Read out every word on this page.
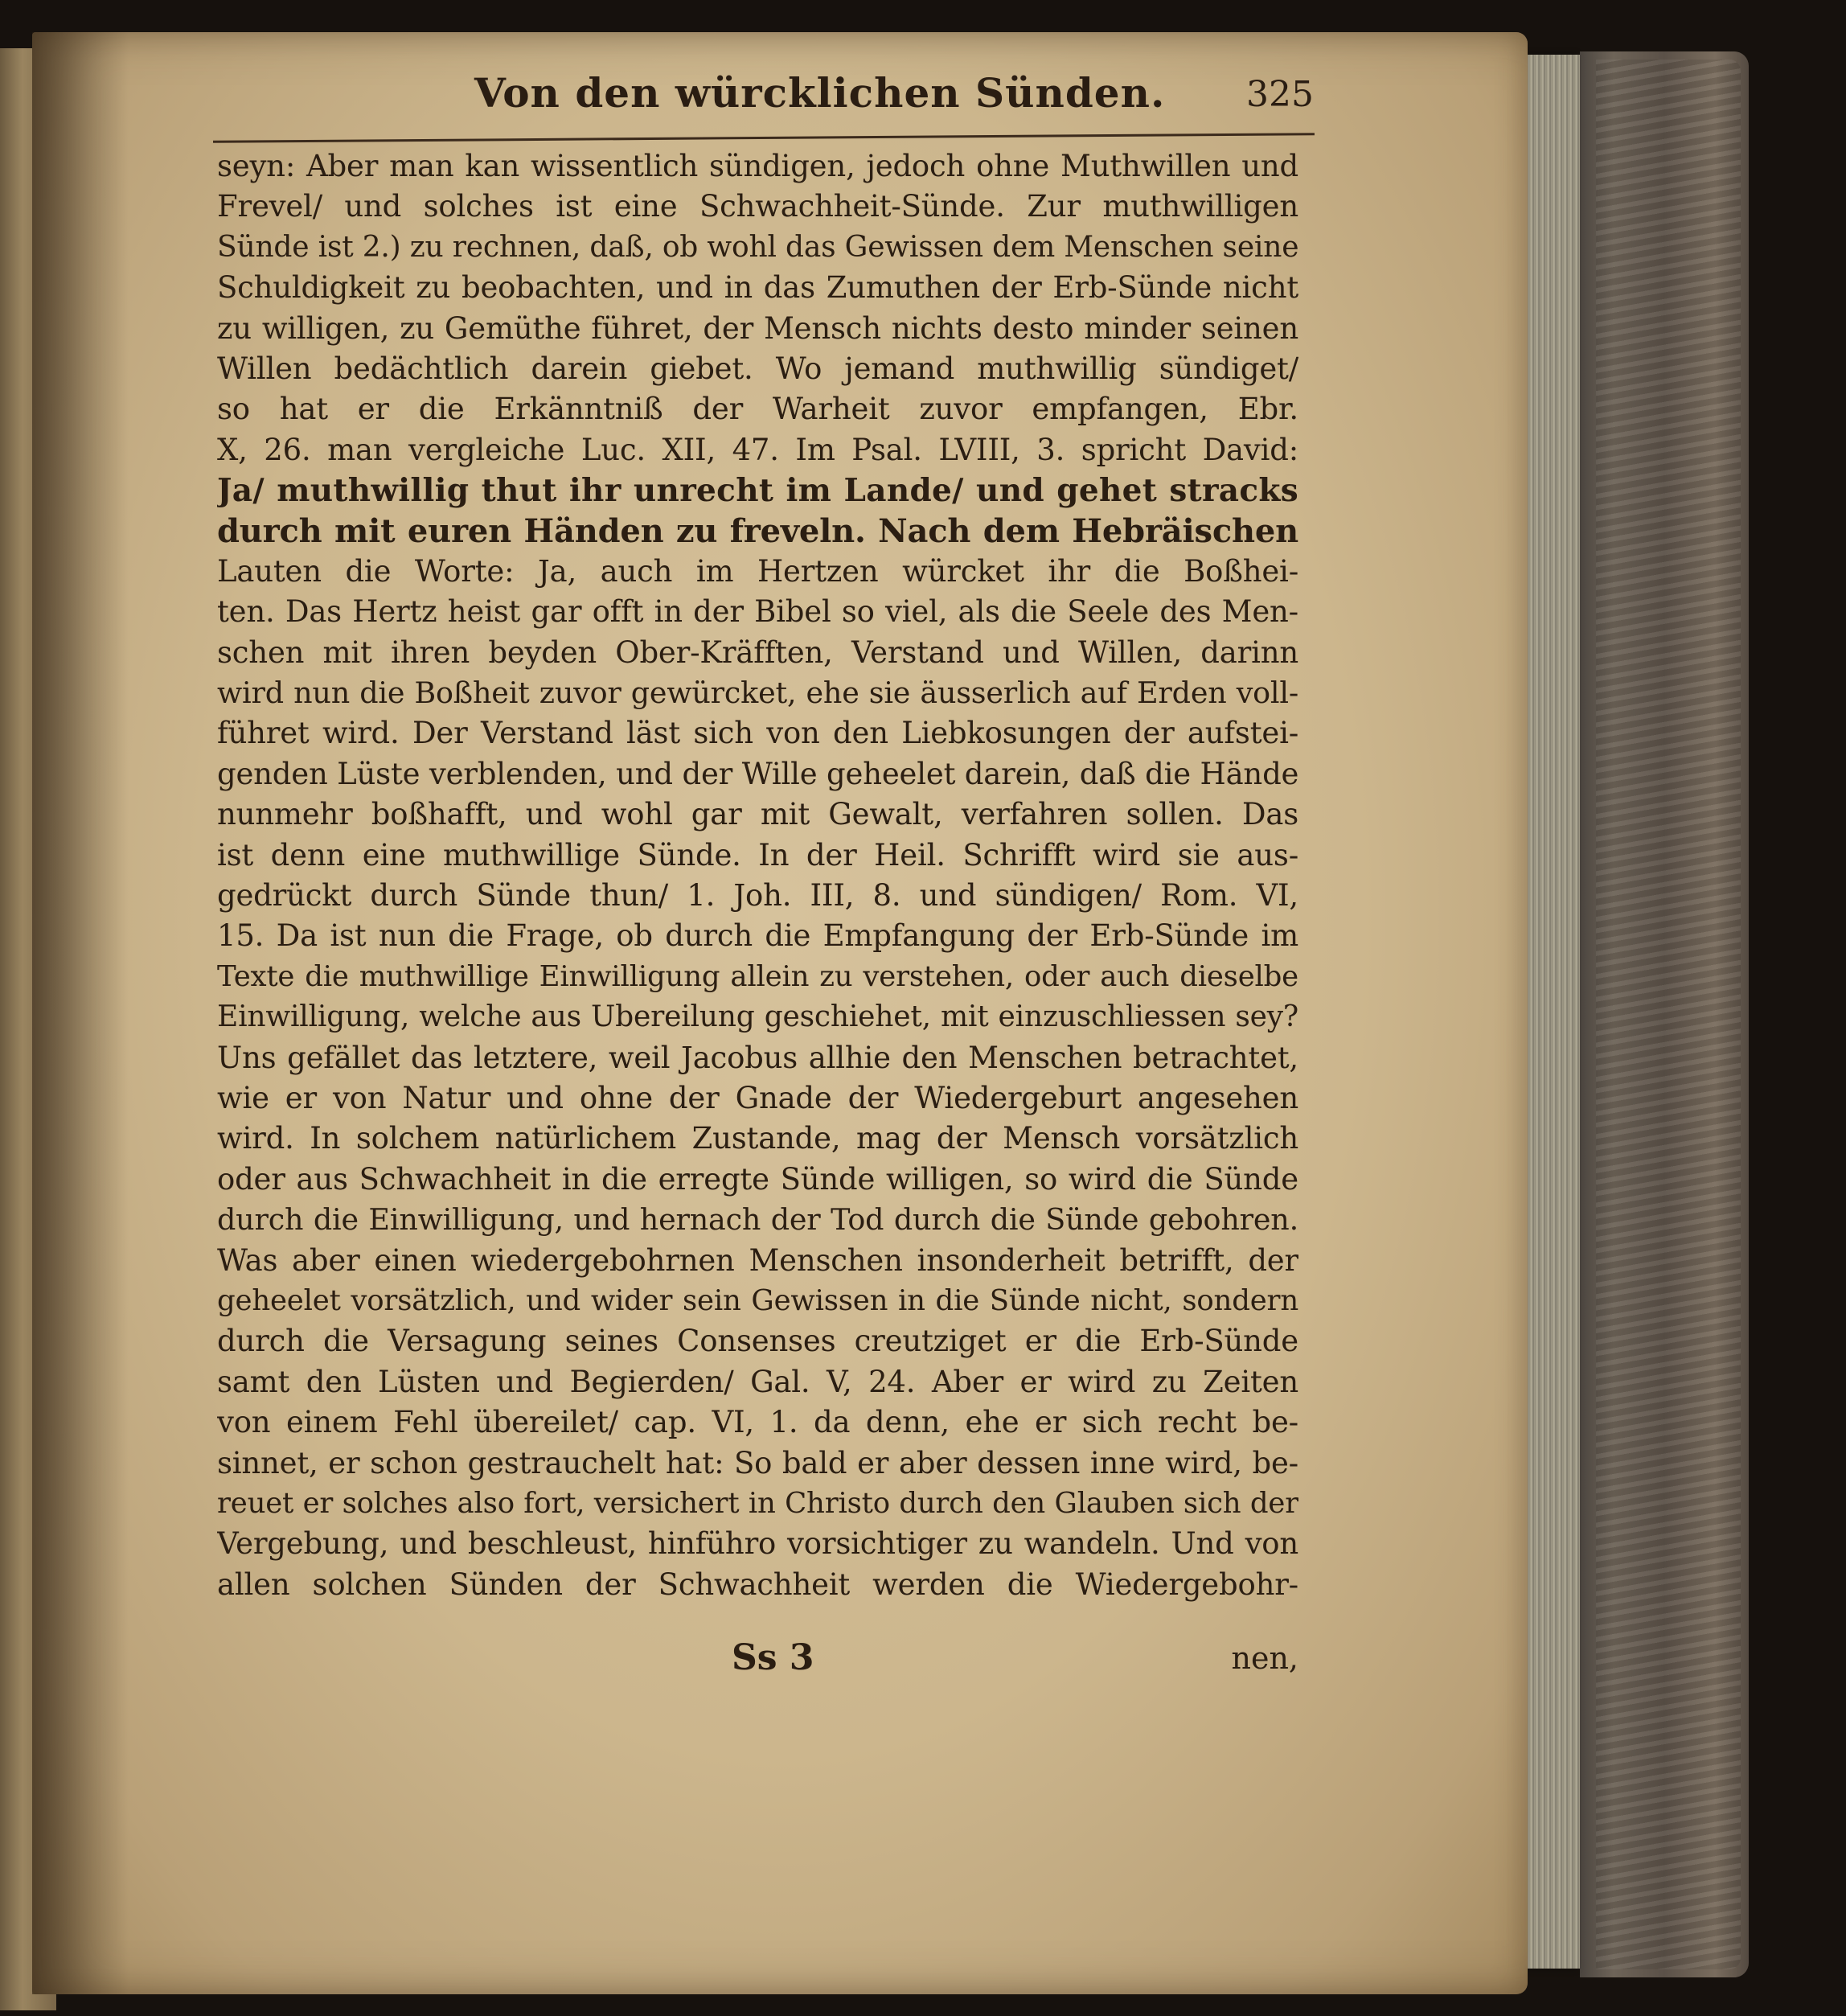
Von den würcklichen Sünden. 325
seyn: Aber man kan wissentlich sündigen, jedoch ohne Muthwillen und
Frevel/ und solches ist eine Schwachheit-Sünde. Zur muthwilligen
Sünde ist 2.) zu rechnen, daß, ob wohl das Gewissen dem Menschen seine
Schuldigkeit zu beobachten, und in das Zumuthen der Erb-Sünde nicht
zu willigen, zu Gemüthe führet, der Mensch nichts desto minder seinen
Willen bedächtlich darein giebet. Wo jemand muthwillig sündiget/
so hat er die Erkänntniß der Warheit zuvor empfangen, Ebr.
X, 26. man vergleiche Luc. XII, 47. Im Psal. LVIII, 3. spricht David:
Ja/ muthwillig thut ihr unrecht im Lande/ und gehet stracks
durch mit euren Händen zu freveln. Nach dem Hebräischen
Lauten die Worte: Ja, auch im Hertzen würcket ihr die Boßhei-
ten. Das Hertz heist gar offt in der Bibel so viel, als die Seele des Men-
schen mit ihren beyden Ober-Kräfften, Verstand und Willen, darinn
wird nun die Boßheit zuvor gewürcket, ehe sie äusserlich auf Erden voll-
führet wird. Der Verstand läst sich von den Liebkosungen der aufstei-
genden Lüste verblenden, und der Wille geheelet darein, daß die Hände
nunmehr boßhafft, und wohl gar mit Gewalt, verfahren sollen. Das
ist denn eine muthwillige Sünde. In der Heil. Schrifft wird sie aus-
gedrückt durch Sünde thun/ 1. Joh. III, 8. und sündigen/ Rom. VI,
15. Da ist nun die Frage, ob durch die Empfangung der Erb-Sünde im
Texte die muthwillige Einwilligung allein zu verstehen, oder auch dieselbe
Einwilligung, welche aus Ubereilung geschiehet, mit einzuschliessen sey?
Uns gefället das letztere, weil Jacobus allhie den Menschen betrachtet,
wie er von Natur und ohne der Gnade der Wiedergeburt angesehen
wird. In solchem natürlichem Zustande, mag der Mensch vorsätzlich
oder aus Schwachheit in die erregte Sünde willigen, so wird die Sünde
durch die Einwilligung, und hernach der Tod durch die Sünde gebohren.
Was aber einen wiedergebohrnen Menschen insonderheit betrifft, der
geheelet vorsätzlich, und wider sein Gewissen in die Sünde nicht, sondern
durch die Versagung seines Consenses creutziget er die Erb-Sünde
samt den Lüsten und Begierden/ Gal. V, 24. Aber er wird zu Zeiten
von einem Fehl übereilet/ cap. VI, 1. da denn, ehe er sich recht be-
sinnet, er schon gestrauchelt hat: So bald er aber dessen inne wird, be-
reuet er solches also fort, versichert in Christo durch den Glauben sich der
Vergebung, und beschleust, hinführo vorsichtiger zu wandeln. Und von
allen solchen Sünden der Schwachheit werden die Wiedergebohr-
Ss 3	nen,
